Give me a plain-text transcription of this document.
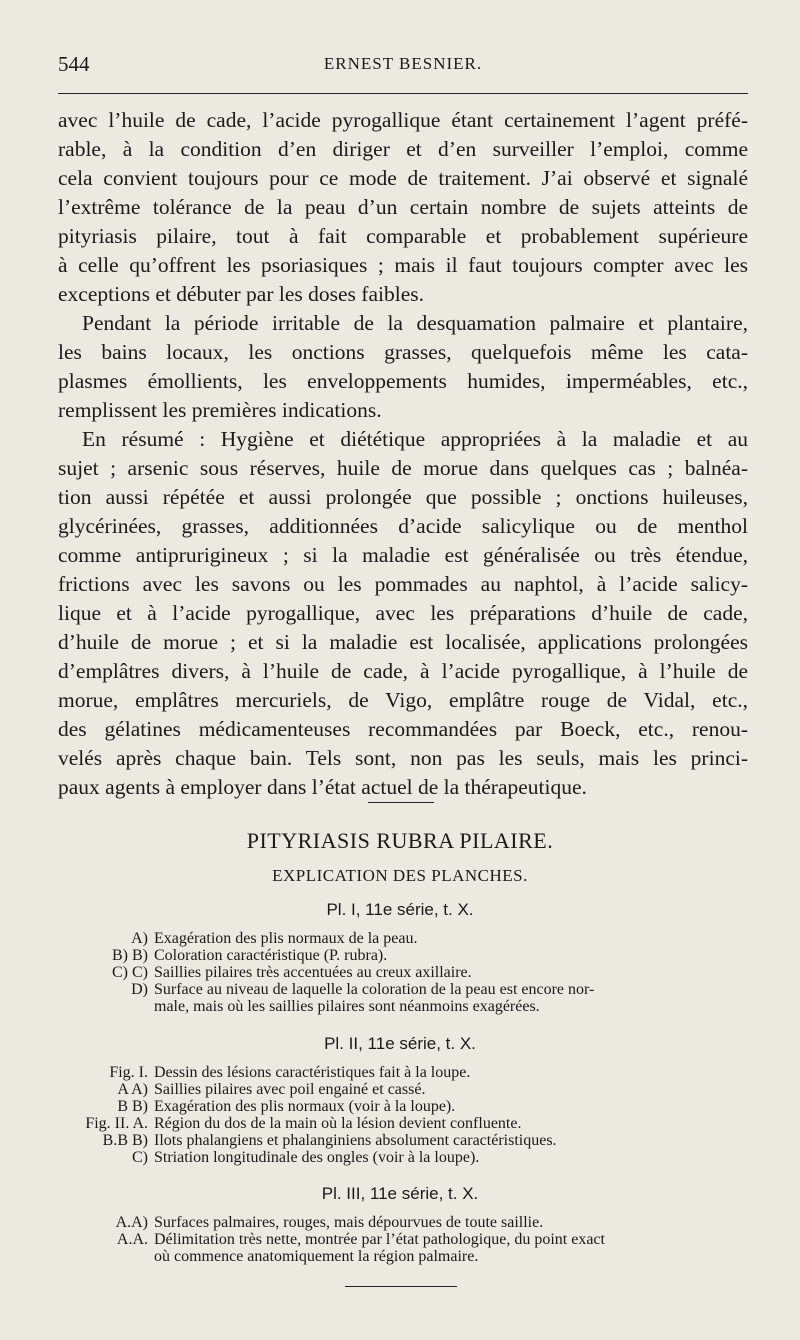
544	ERNEST BESNIER.
avec l’huile de cade, l’acide pyrogallique étant certainement l’agent préfé-
rable, à la condition d’en diriger et d’en surveiller l’emploi, comme
cela convient toujours pour ce mode de traitement. J’ai observé et signalé
l’extrême tolérance de la peau d’un certain nombre de sujets atteints de
pityriasis pilaire, tout à fait comparable et probablement supérieure
à celle qu’offrent les psoriasiques ; mais il faut toujours compter avec les
exceptions et débuter par les doses faibles.
Pendant la période irritable de la desquamation palmaire et plantaire,
les bains locaux, les onctions grasses, quelquefois même les cata-
plasmes émollients, les enveloppements humides, imperméables, etc.,
remplissent les premières indications.
En résumé : Hygiène et diététique appropriées à la maladie et au
sujet ; arsenic sous réserves, huile de morue dans quelques cas ; balnéa-
tion aussi répétée et aussi prolongée que possible ; onctions huileuses,
glycérinées, grasses, additionnées d’acide salicylique ou de menthol
comme antiprurigineux ; si la maladie est généralisée ou très étendue,
frictions avec les savons ou les pommades au naphtol, à l’acide salicy-
lique et à l’acide pyrogallique, avec les préparations d’huile de cade,
d’huile de morue ; et si la maladie est localisée, applications prolongées
d’emplâtres divers, à l’huile de cade, à l’acide pyrogallique, à l’huile de
morue, emplâtres mercuriels, de Vigo, emplâtre rouge de Vidal, etc.,
des gélatines médicamenteuses recommandées par Boeck, etc., renou-
velés après chaque bain. Tels sont, non pas les seuls, mais les princi-
paux agents à employer dans l’état actuel de la thérapeutique.
PITYRIASIS RUBRA PILAIRE.
EXPLICATION DES PLANCHES.
Pl. I, 11e série, t. X.
A) Exagération des plis normaux de la peau.
B) B) Coloration caractéristique (P. rubra).
C) C) Saillies pilaires très accentuées au creux axillaire.
D) Surface au niveau de laquelle la coloration de la peau est encore nor-
male, mais où les saillies pilaires sont néanmoins exagérées.
Pl. II, 11e série, t. X.
Fig. I. Dessin des lésions caractéristiques fait à la loupe.
A A) Saillies pilaires avec poil engainé et cassé.
B B) Exagération des plis normaux (voir à la loupe).
Fig. II. A. Région du dos de la main où la lésion devient confluente.
B.B B) Ilots phalangiens et phalanginiens absolument caractéristiques.
C) Striation longitudinale des ongles (voir à la loupe).
Pl. III, 11e série, t. X.
A.A) Surfaces palmaires, rouges, mais dépourvues de toute saillie.
A.A. Délimitation très nette, montrée par l’état pathologique, du point exact
où commence anatomiquement la région palmaire.
